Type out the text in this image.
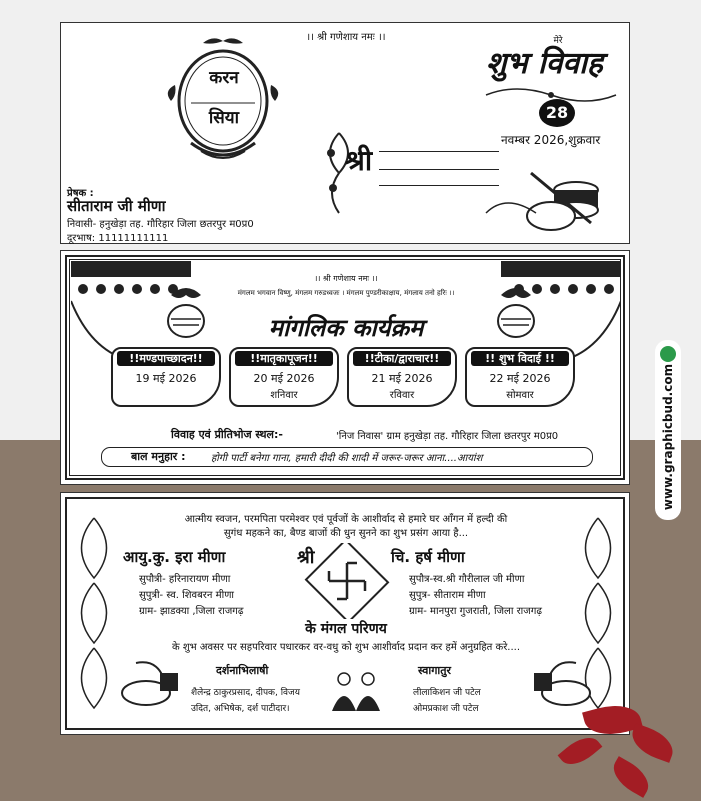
।। श्री गणेशाय नमः ।।
करन
सिया
मेरे
शुभ विवाह
28
नवम्बर 2026,शुक्रवार
श्री
प्रेषक :
सीताराम जी मीणा
निवासी- हनुखेड़ा तह. गौरिहार जिला छतरपुर म0प्र0
दूरभाष: 11111111111
।। श्री गणेशाय नमः ।।
मंगलम भगवान विष्णु, मंगलम गरुडध्वजः । मंगलम पुण्डरीकाक्षाय, मंगलाय तनो हरिः ।।
मांगलिक कार्यक्रम
!!मण्डपाच्छादन!!
19 मई 2026
!!मातृकापूजन!!
20 मई 2026
शनिवार
!!टीका/द्वाराचार!!
21 मई 2026
रविवार
!! शुभ विदाई !!
22 मई 2026
सोमवार
विवाह एवं प्रीतिभोज स्थल:-	'निज निवास' ग्राम हनुखेड़ा तह. गौरिहार जिला छतरपुर म0प्र0
बाल मनुहार :	होगी पार्टी बनेगा गाना, हमारी दीदी की शादी में जरूर-जरूर आना....आयांश
आत्मीय स्वजन, परमपिता परमेश्वर एवं पूर्वजों के आशीर्वाद से हमारे घर आँगन में हल्दी की
सुगंध महकने का, बैण्ड बाजों की धुन सुनने का शुभ प्रसंग आया है...
आयु.कु. इरा मीणा
सुपौत्री- हरिनारायण मीणा
सुपुत्री- स्व. शिवबरन मीणा
ग्राम- झाडक्या ,जिला राजगढ़
श्री	चि. हर्ष मीणा
सुपौत्र-स्व.श्री गौरीलाल जी मीणा
सुपुत्र- सीताराम मीणा
ग्राम- मानपुरा गुजराती, जिला राजगढ़
के मंगल परिणय
के शुभ अवसर पर सहपरिवार पधारकर वर-वधु को शुभ आशीर्वाद प्रदान कर हमें अनुग्रहित करे....
दर्शनाभिलाषी
शैलेन्द्र ठाकुरप्रसाद, दीपक, विजय
उदित, अभिषेक, दर्श पाटीदार।
स्वागातुर
लीलाकिशन जी पटेल
ओमप्रकाश जी पटेल
www.graphicbud.com
